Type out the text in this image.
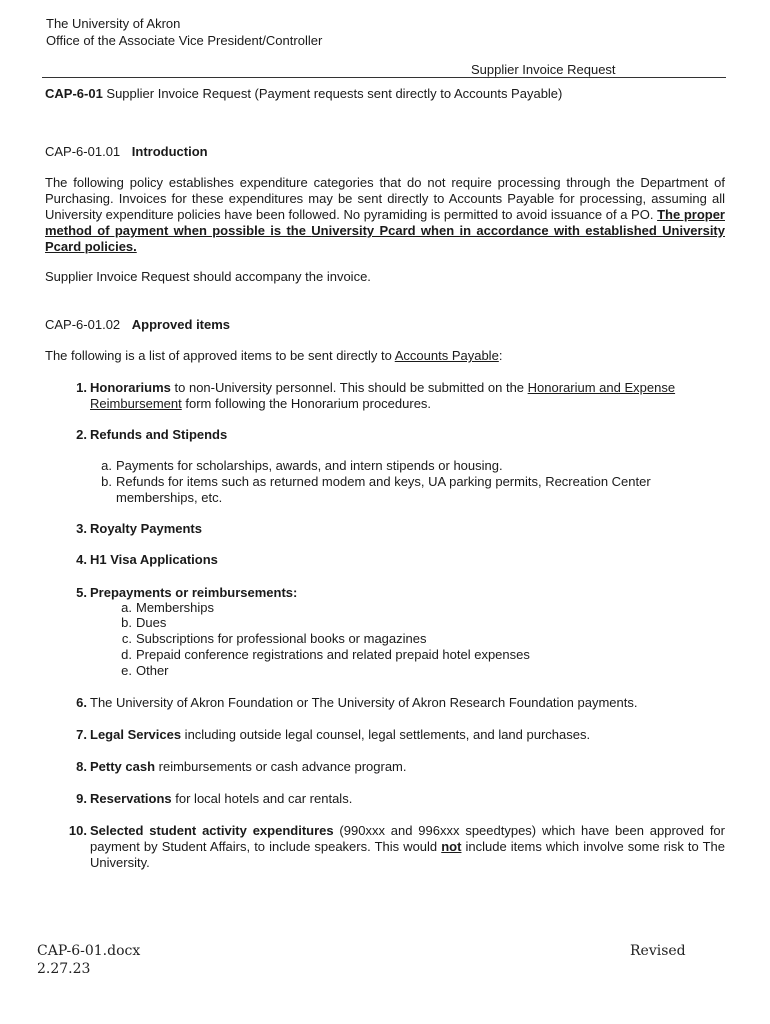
The University of Akron
Office of the Associate Vice President/Controller
Supplier Invoice Request
CAP-6-01 Supplier Invoice Request (Payment requests sent directly to Accounts Payable)
CAP-6-01.01 Introduction
The following policy establishes expenditure categories that do not require processing through the Department of Purchasing. Invoices for these expenditures may be sent directly to Accounts Payable for processing, assuming all University expenditure policies have been followed. No pyramiding is permitted to avoid issuance of a PO. The proper method of payment when possible is the University Pcard when in accordance with established University Pcard policies.
Supplier Invoice Request should accompany the invoice.
CAP-6-01.02 Approved items
The following is a list of approved items to be sent directly to Accounts Payable:
1. Honorariums to non-University personnel. This should be submitted on the Honorarium and Expense Reimbursement form following the Honorarium procedures.
2. Refunds and Stipends
a. Payments for scholarships, awards, and intern stipends or housing.
b. Refunds for items such as returned modem and keys, UA parking permits, Recreation Center memberships, etc.
3. Royalty Payments
4. H1 Visa Applications
5. Prepayments or reimbursements:
a. Memberships
b. Dues
c. Subscriptions for professional books or magazines
d. Prepaid conference registrations and related prepaid hotel expenses
e. Other
6. The University of Akron Foundation or The University of Akron Research Foundation payments.
7. Legal Services including outside legal counsel, legal settlements, and land purchases.
8. Petty cash reimbursements or cash advance program.
9. Reservations for local hotels and car rentals.
10. Selected student activity expenditures (990xxx and 996xxx speedtypes) which have been approved for payment by Student Affairs, to include speakers. This would not include items which involve some risk to The University.
CAP-6-01.docx
2.27.23
Revised
